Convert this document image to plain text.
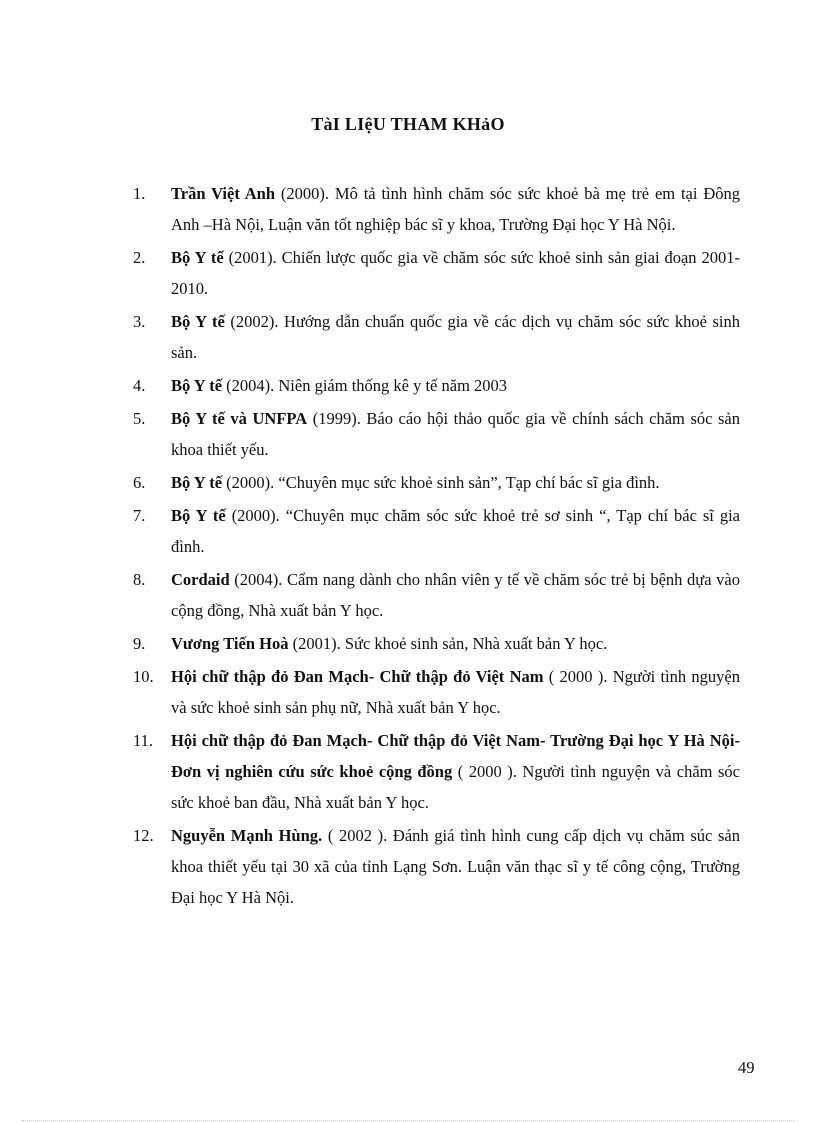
TàI LIệU THAM KHảO
1. Trần Việt Anh (2000). Mô tả tình hình chăm sóc sức khoẻ bà mẹ trẻ em tại Đông Anh –Hà Nội, Luận văn tốt nghiệp bác sĩ y khoa, Trường Đại học Y Hà Nội.
2. Bộ Y tế (2001). Chiến lược quốc gia về chăm sóc sức khoẻ sinh sản giai đoạn 2001- 2010.
3. Bộ Y tế (2002). Hướng dẫn chuẩn quốc gia về các dịch vụ chăm sóc sức khoẻ sinh sản.
4. Bộ Y tế (2004). Niên giám thống kê y tế năm 2003
5. Bộ Y tế và UNFPA (1999). Báo cáo hội thảo quốc gia về chính sách chăm sóc sản khoa thiết yếu.
6. Bộ Y tế (2000). “Chuyên mục sức khoẻ sinh sản”, Tạp chí bác sĩ gia đình.
7. Bộ Y tế (2000). “Chuyên mục chăm sóc sức khoẻ trẻ sơ sinh “, Tạp chí bác sĩ gia đình.
8. Cordaid (2004). Cẩm nang dành cho nhân viên y tế về chăm sóc trẻ bị bệnh dựa vào cộng đồng, Nhà xuất bản Y học.
9. Vương Tiến Hoà (2001). Sức khoẻ sinh sản, Nhà xuất bản Y học.
10. Hội chữ thập đỏ Đan Mạch- Chữ thập đỏ Việt Nam ( 2000 ). Người tình nguyện và sức khoẻ sinh sản phụ nữ, Nhà xuất bản Y học.
11. Hội chữ thập đỏ Đan Mạch- Chữ thập đỏ Việt Nam- Trường Đại học Y Hà Nội- Đơn vị nghiên cứu sức khoẻ cộng đồng ( 2000 ). Người tình nguyện và chăm sóc sức khoẻ ban đầu, Nhà xuất bản Y học.
12. Nguyễn Mạnh Hùng. ( 2002 ). Đánh giá tình hình cung cấp dịch vụ chăm súc sản khoa thiết yếu tại 30 xã của tỉnh Lạng Sơn. Luận văn thạc sĩ y tế công cộng, Trường Đại học Y Hà Nội.
49
